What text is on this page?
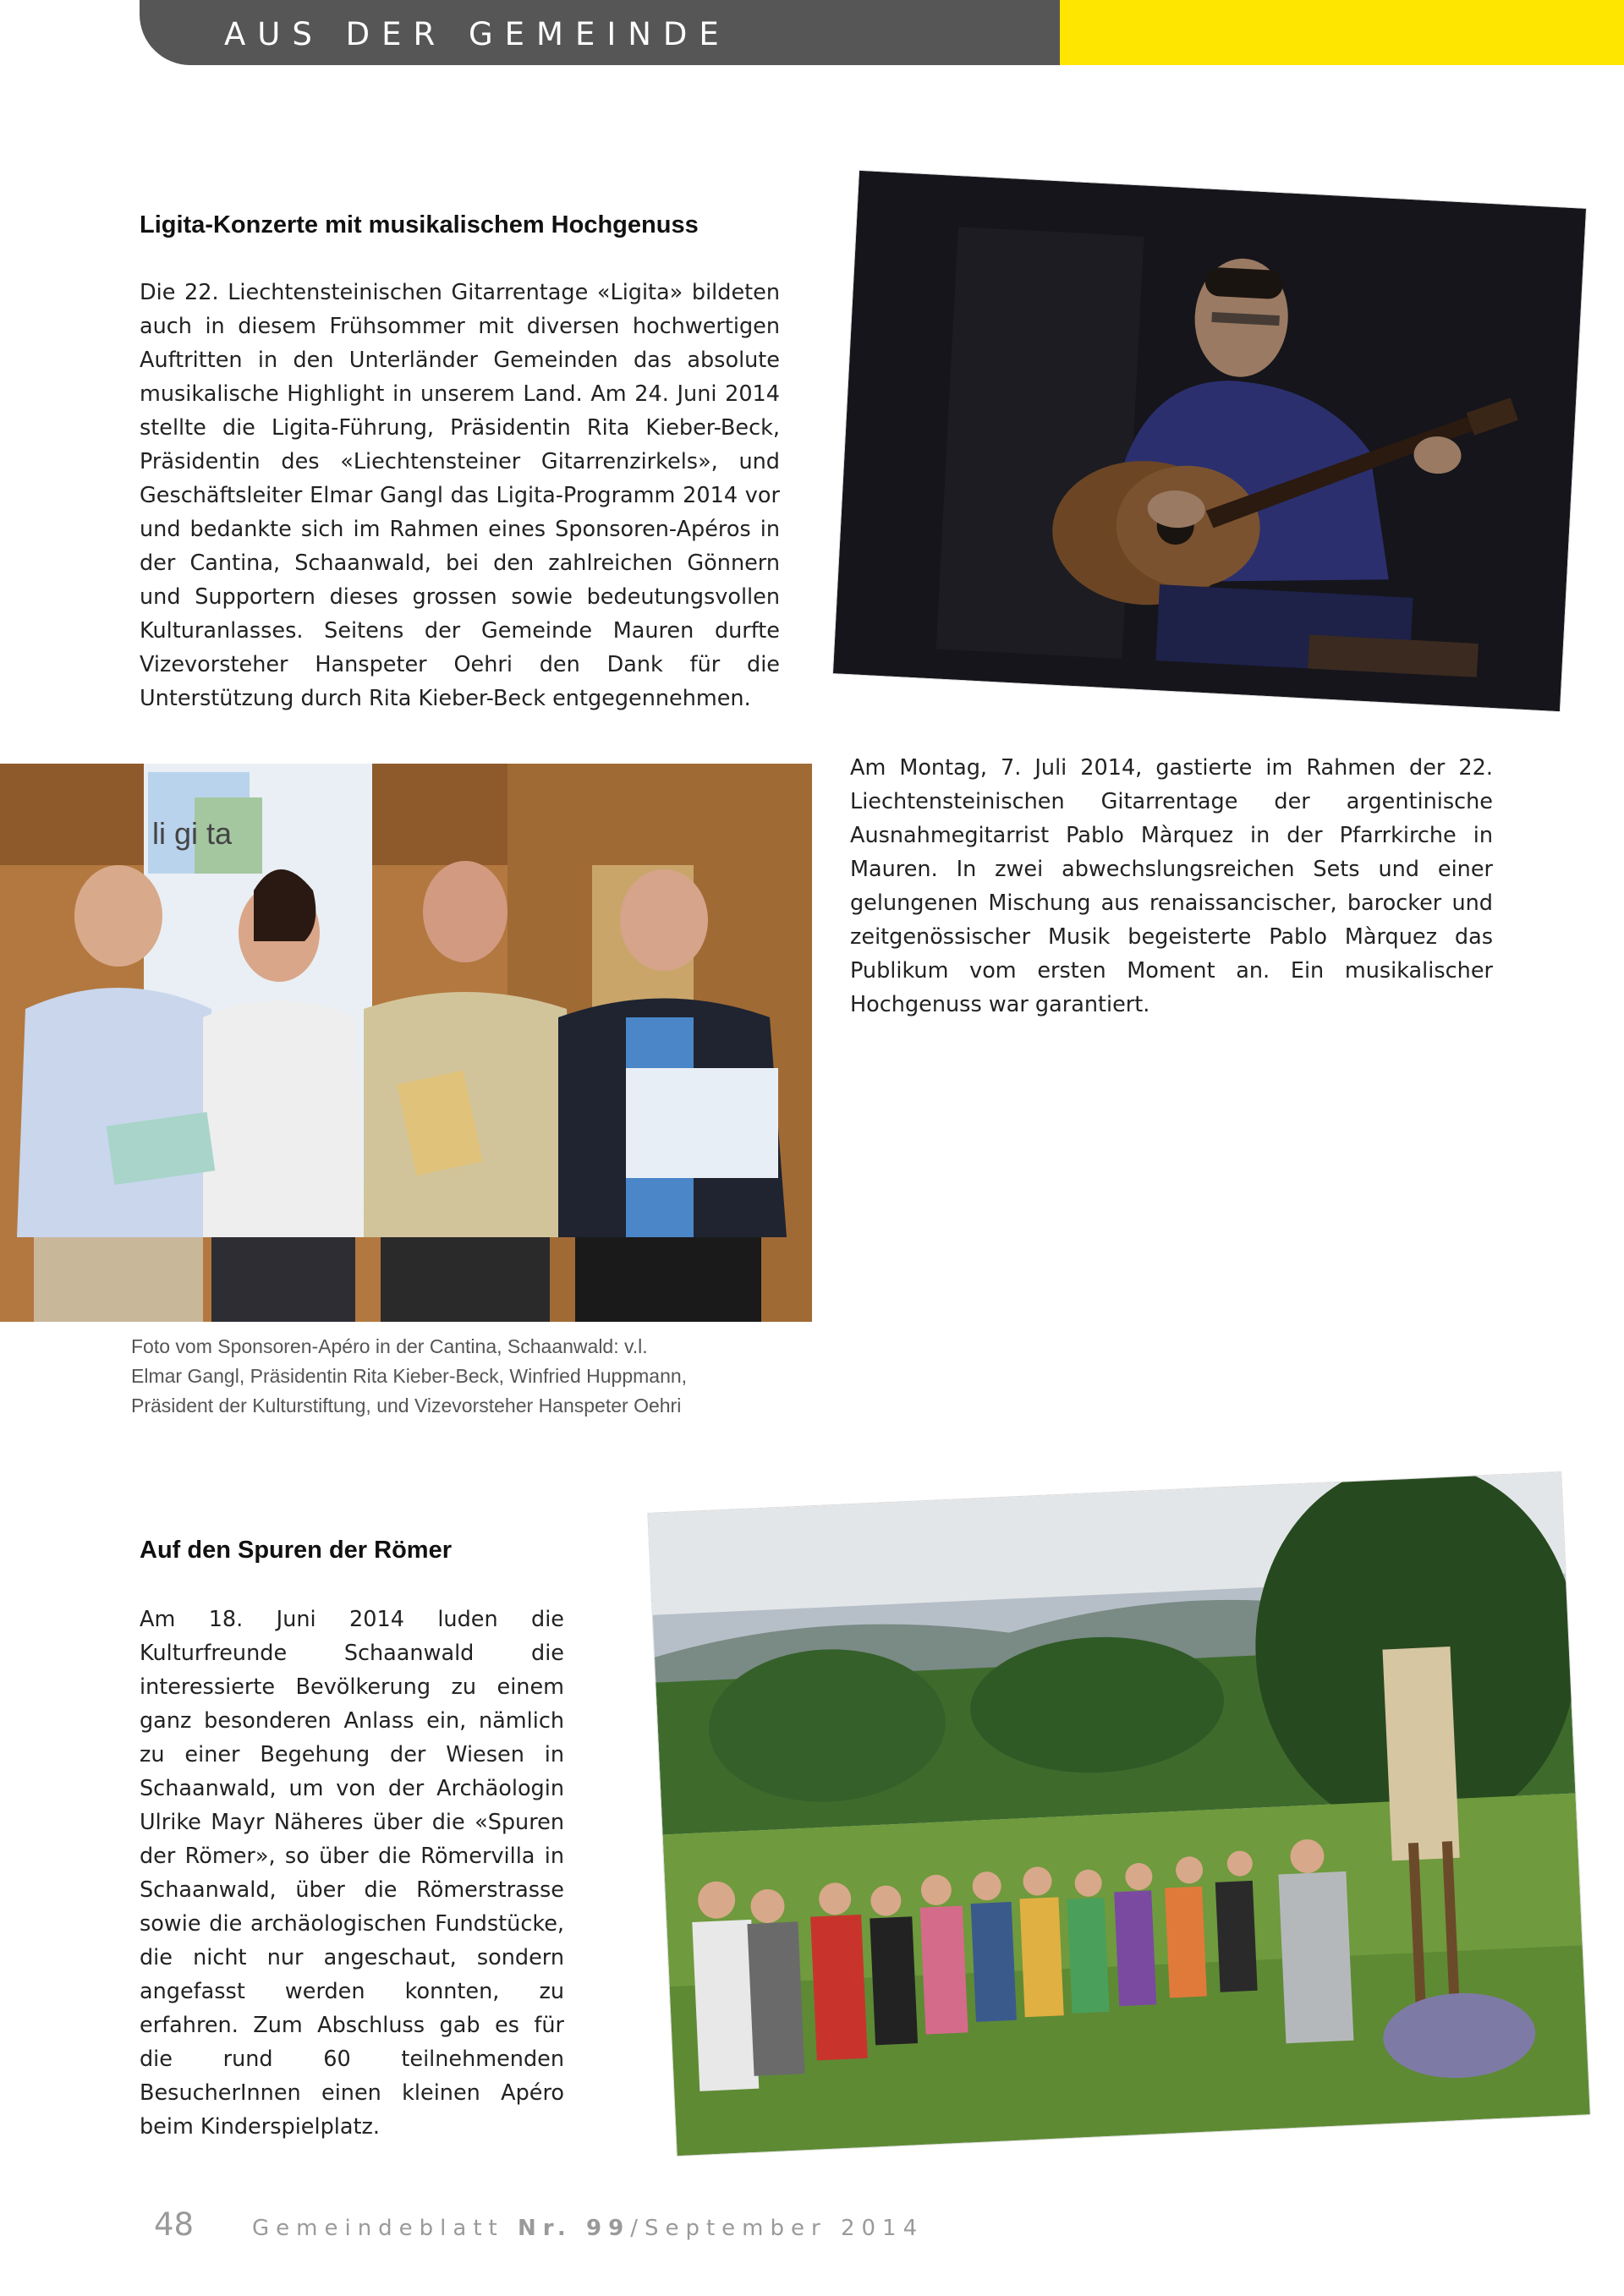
AUS DER GEMEINDE
Ligita-Konzerte mit musikalischem Hochgenuss

Die 22. Liechtensteinischen Gitarrentage «Ligita» bildeten auch in diesem Frühsommer mit diversen hochwertigen Auftritten in den Unterländer Gemeinden das absolute musikalische Highlight in unserem Land. Am 24. Juni 2014 stellte die Ligita-Führung, Präsidentin Rita Kieber-Beck, Präsidentin des «Liechtensteiner Gitarrenzirkels», und Geschäftsleiter Elmar Gangl das Ligita-Programm 2014 vor und bedankte sich im Rahmen eines Sponsoren-Apéros in der Cantina, Schaanwald, bei den zahlreichen Gönnern und Supportern dieses grossen sowie bedeutungsvollen Kulturanlasses. Seitens der Gemeinde Mauren durfte Vizevorsteher Hanspeter Oehri den Dank für die Unterstützung durch Rita Kieber-Beck entgegennehmen.

li gi ta

Am Montag, 7. Juli 2014, gastierte im Rahmen der 22. Liechtensteinischen Gitarrentage der argentinische Ausnahmegitarrist Pablo Màrquez in der Pfarrkirche in Mauren. In zwei abwechslungsreichen Sets und einer gelungenen Mischung aus renaissancischer, barocker und zeitgenössischer Musik begeisterte Pablo Màrquez das Publikum vom ersten Moment an. Ein musikalischer Hochgenuss war garantiert.

Foto vom Sponsoren-Apéro in der Cantina, Schaanwald: v.l.

Elmar Gangl, Präsidentin Rita Kieber-Beck, Winfried Huppmann,

Präsident der Kulturstiftung, und Vizevorsteher Hanspeter Oehri

Auf den Spuren der Römer

Am 18. Juni 2014 luden die Kulturfreunde Schaanwald die interessierte Bevölkerung zu einem ganz besonderen Anlass ein, nämlich zu einer Begehung der Wiesen in Schaanwald, um von der Archäologin Ulrike Mayr Näheres über die «Spuren der Römer», so über die Römervilla in Schaanwald, über die Römerstrasse sowie die archäologischen Fundstücke, die nicht nur angeschaut, sondern angefasst werden konnten, zu erfahren. Zum Abschluss gab es für die rund 60 teilnehmenden BesucherInnen einen kleinen Apéro beim Kinderspielplatz.

48	Gemeindeblatt Nr. 99/September 2014
